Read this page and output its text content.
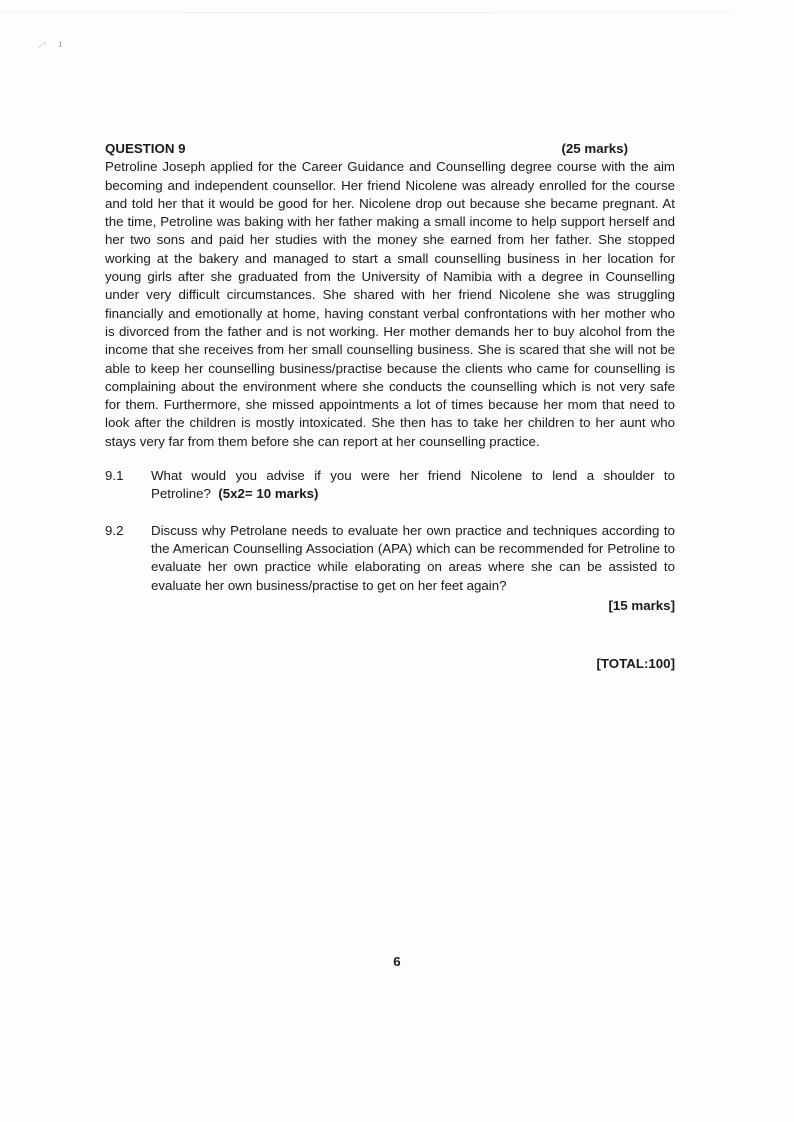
⸝·    ı
QUESTION 9	(25 marks)

Petroline Joseph applied for the Career Guidance and Counselling degree course with the aim becoming and independent counsellor. Her friend Nicolene was already enrolled for the course and told her that it would be good for her. Nicolene drop out because she became pregnant. At the time, Petroline was baking with her father making a small income to help support herself and her two sons and paid her studies with the money she earned from her father. She stopped working at the bakery and managed to start a small counselling business in her location for young girls after she graduated from the University of Namibia with a degree in Counselling under very difficult circumstances. She shared with her friend Nicolene she was struggling financially and emotionally at home, having constant verbal confrontations with her mother who is divorced from the father and is not working. Her mother demands her to buy alcohol from the income that she receives from her small counselling business. She is scared that she will not be able to keep her counselling business/practise because the clients who came for counselling is complaining about the environment where she conducts the counselling which is not very safe for them. Furthermore, she missed appointments a lot of times because her mom that need to look after the children is mostly intoxicated. She then has to take her children to her aunt who stays very far from them before she can report at her counselling practice.

9.1	What would you advise if you were her friend Nicolene to lend a shoulder to Petroline? (5x2= 10 marks)
9.2	Discuss why Petrolane needs to evaluate her own practice and techniques according to the American Counselling Association (APA) which can be recommended for Petroline to evaluate her own practice while elaborating on areas where she can be assisted to evaluate her own business/practise to get on her feet again?
[15 marks]
[TOTAL:100]
6
